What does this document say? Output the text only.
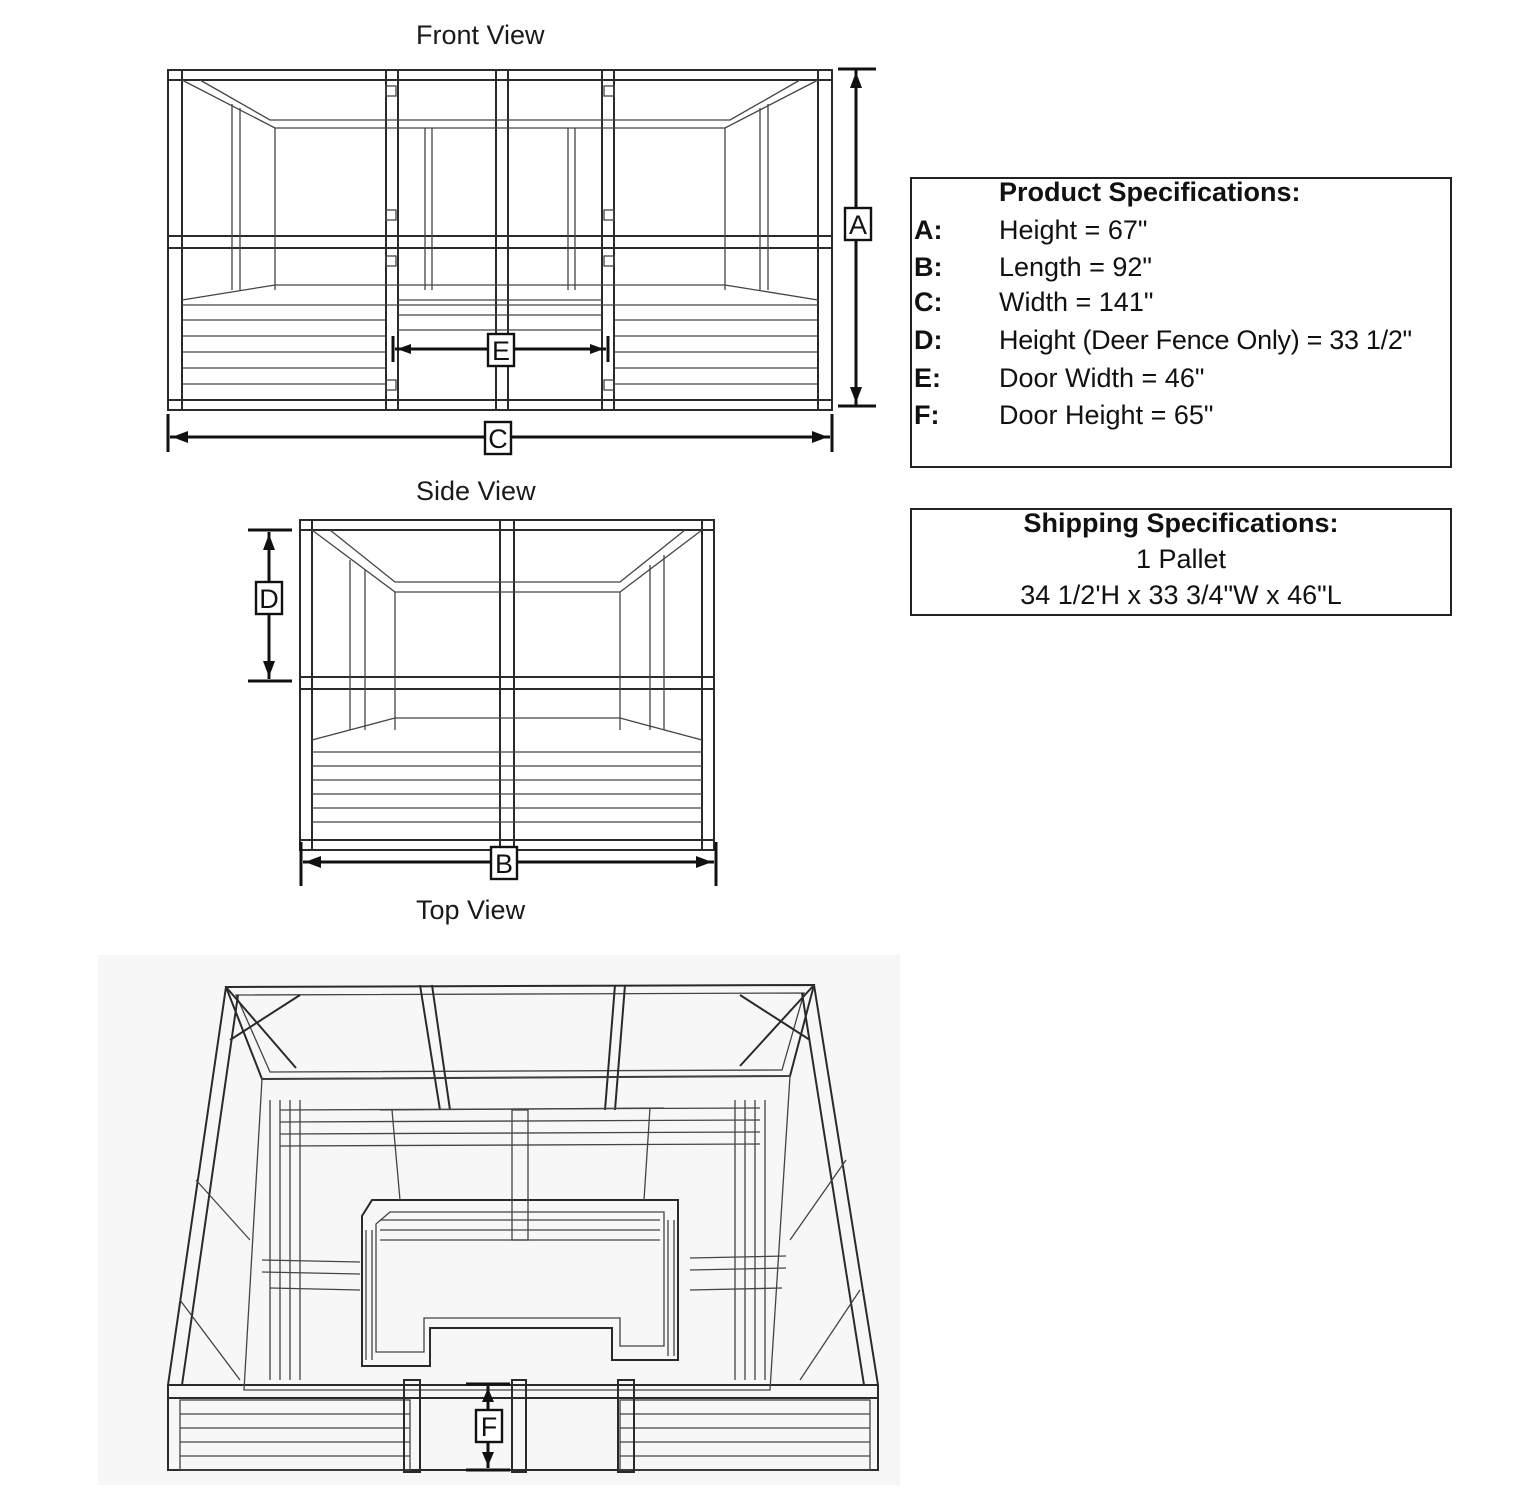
Front View
Side View
Top View
A
C
E
D
B
F
Product Specifications:
A: Height = 67"
B: Length = 92"
C: Width = 141"
D: Height (Deer Fence Only) = 33 1/2"
E: Door Width = 46"
F: Door Height = 65"
Shipping Specifications:
1 Pallet
34 1/2'H x 33 3/4"W x 46"L
